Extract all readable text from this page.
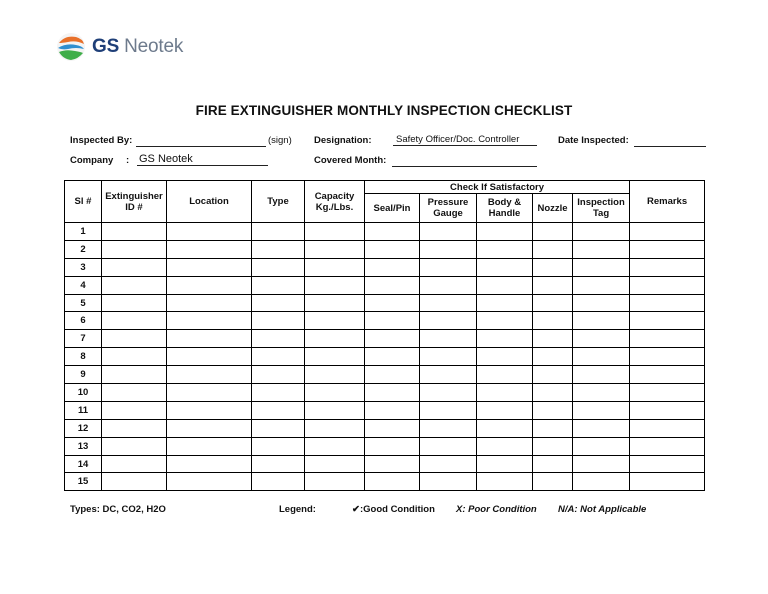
GS Neotek
FIRE EXTINGUISHER MONTHLY INSPECTION CHECKLIST
Inspected By:	(sign) Designation:	Safety Officer/Doc. Controller	Date Inspected:
Company : GS Neotek	Covered Month:
Sl #	Extinguisher ID #	Location	Type	Capacity Kg./Lbs.	Check If Satisfactory					Remarks
					Seal/Pin	Pressure Gauge	Body & Handle	Nozzle	Inspection Tag	
1										
2										
3										
4										
5										
6										
7										
8										
9										
10										
11										
12										
13										
14										
15										
Types: DC, CO2, H2O	Legend:	✔:Good Condition X: Poor Condition N/A: Not Applicable
